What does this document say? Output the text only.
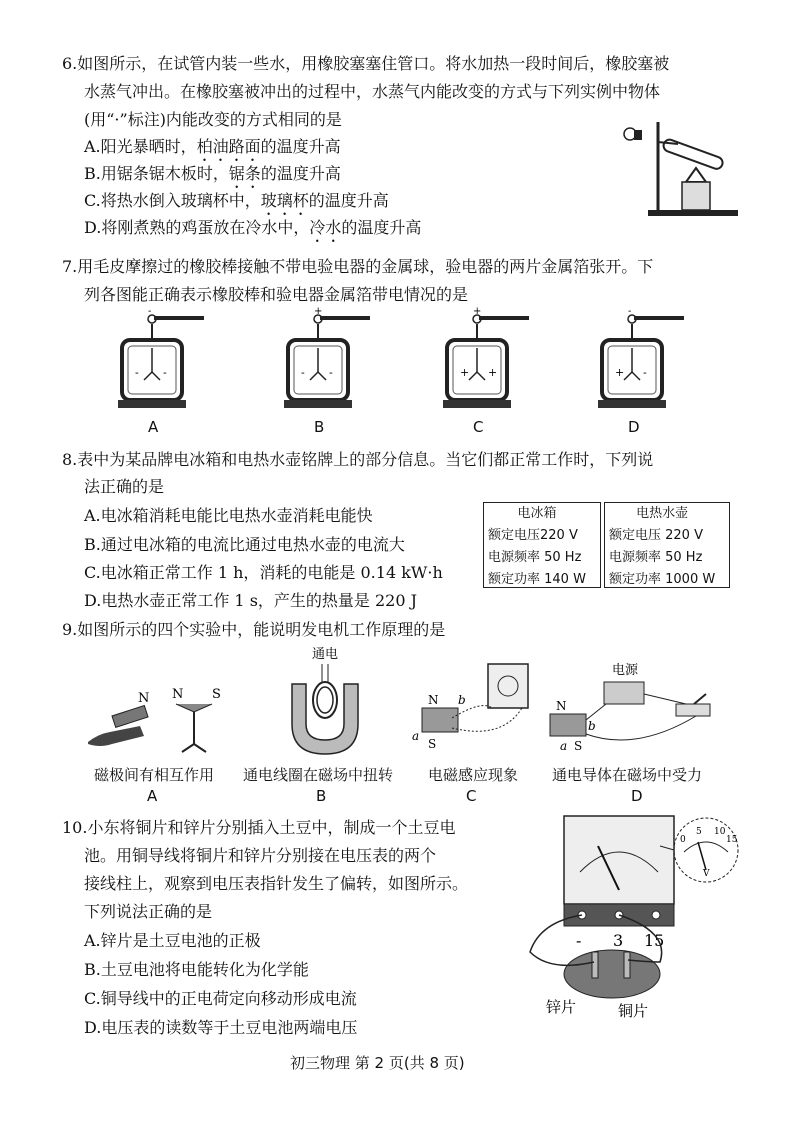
6.如图所示，在试管内装一些水，用橡胶塞塞住管口。将水加热一段时间后，橡胶塞被
水蒸气冲出。在橡胶塞被冲出的过程中，水蒸气内能改变的方式与下列实例中物体
(用“·”标注)内能改变的方式相同的是
A.阳光暴晒时，柏油路面的温度升高
B.用锯条锯木板时，锯条的温度升高
C.将热水倒入玻璃杯中，玻璃杯的温度升高
D.将刚煮熟的鸡蛋放在冷水中，冷水的温度升高
7.用毛皮摩擦过的橡胶棒接触不带电验电器的金属球，验电器的两片金属箔张开。下
列各图能正确表示橡胶棒和验电器金属箔带电情况的是
-
- -
A
+
- -
B
+
+ +
C
-
+ -
D
8.表中为某品牌电冰箱和电热水壶铭牌上的部分信息。当它们都正常工作时，下列说
法正确的是
A.电冰箱消耗电能比电热水壶消耗电能快
B.通过电冰箱的电流比通过电热水壶的电流大
C.电冰箱正常工作 1 h，消耗的电能是 0.14 kW·h
D.电热水壶正常工作 1 s，产生的热量是 220 J
电冰箱
额定电压220 V
电源频率 50 Hz
额定功率 140 W
电热水壶
额定电压 220 V
电源频率 50 Hz
额定功率 1000 W
9.如图所示的四个实验中，能说明发电机工作原理的是
N N S
通电
N
S
a
b
电源
N
S
a
b
磁极间有相互作用 通电线圈在磁场中扭转 电磁感应现象 通电导体在磁场中受力
A	B	C	D
10.小东将铜片和锌片分别插入土豆中，制成一个土豆电
池。用铜导线将铜片和锌片分别接在电压表的两个
接线柱上，观察到电压表指针发生了偏转，如图所示。
下列说法正确的是
A.锌片是土豆电池的正极
B.土豆电池将电能转化为化学能
C.铜导线中的正电荷定向移动形成电流
D.电压表的读数等于土豆电池两端电压
0
5 10
15
V
- 3 15
锌片	铜片
初三物理 第 2 页(共 8 页)
